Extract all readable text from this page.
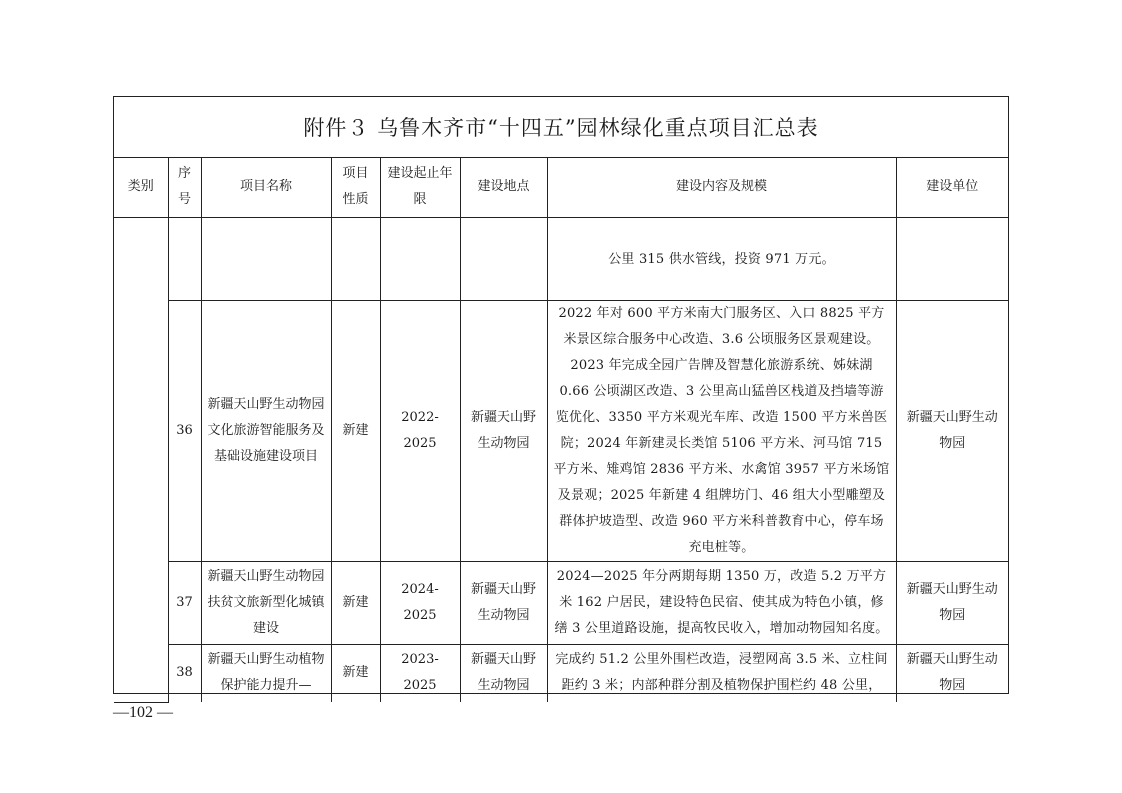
附件３ 乌鲁木齐市“十四五”园林绿化重点项目汇总表
类别	序号	项目名称	项目性质	建设起止年限	建设地点	建设内容及规模	建设单位
						公里 315 供水管线，投资 971 万元。	
	36	新疆天山野生动物园文化旅游智能服务及基础设施建设项目	新建	2022-2025	新疆天山野生动物园	2022 年对 600 平方米南大门服务区、入口 8825 平方米景区综合服务中心改造、3.6 公顷服务区景观建设。2023 年完成全园广告牌及智慧化旅游系统、姊妹湖 0.66 公顷湖区改造、3 公里高山猛兽区栈道及挡墙等游览优化、3350 平方米观光车库、改造 1500 平方米兽医院；2024 年新建灵长类馆 5106 平方米、河马馆 715 平方米、雉鸡馆 2836 平方米、水禽馆 3957 平方米场馆及景观；2025 年新建 4 组牌坊门、46 组大小型雕塑及群体护坡造型、改造 960 平方米科普教育中心，停车场充电桩等。	新疆天山野生动物园
	37	新疆天山野生动物园扶贫文旅新型化城镇建设	新建	2024-2025	新疆天山野生动物园	2024—2025 年分两期每期 1350 万，改造 5.2 万平方米 162 户居民，建设特色民宿、使其成为特色小镇，修缮 3 公里道路设施，提高牧民收入，增加动物园知名度。	新疆天山野生动物园
	38	新疆天山野生动植物保护能力提升—	新建	2023-2025	新疆天山野生动物园	完成约 51.2 公里外围栏改造，浸塑网高 3.5 米、立柱间距约 3 米；内部种群分割及植物保护围栏约 48 公里，	新疆天山野生动物园
—102 —
